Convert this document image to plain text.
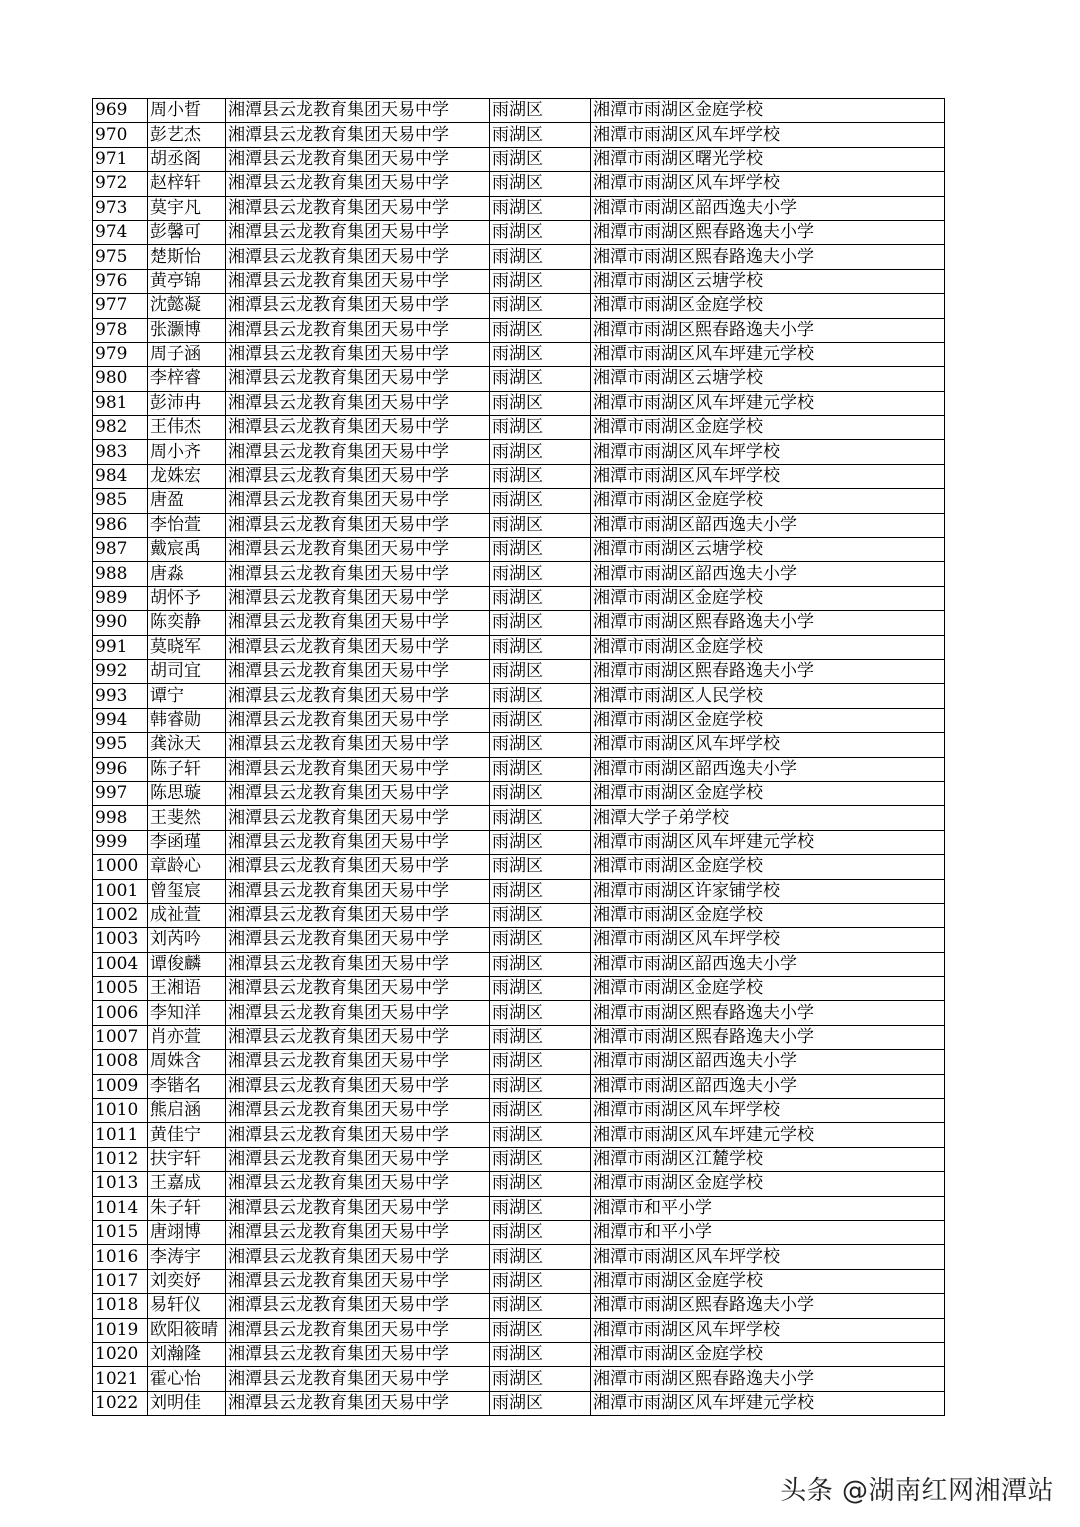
969	周小晢	湘潭县云龙教育集团天易中学	雨湖区	湘潭市雨湖区金庭学校
970	彭艺杰	湘潭县云龙教育集团天易中学	雨湖区	湘潭市雨湖区风车坪学校
971	胡丞阁	湘潭县云龙教育集团天易中学	雨湖区	湘潭市雨湖区曙光学校
972	赵梓轩	湘潭县云龙教育集团天易中学	雨湖区	湘潭市雨湖区风车坪学校
973	莫宇凡	湘潭县云龙教育集团天易中学	雨湖区	湘潭市雨湖区韶西逸夫小学
974	彭馨可	湘潭县云龙教育集团天易中学	雨湖区	湘潭市雨湖区熙春路逸夫小学
975	楚斯怡	湘潭县云龙教育集团天易中学	雨湖区	湘潭市雨湖区熙春路逸夫小学
976	黄亭锦	湘潭县云龙教育集团天易中学	雨湖区	湘潭市雨湖区云塘学校
977	沈懿凝	湘潭县云龙教育集团天易中学	雨湖区	湘潭市雨湖区金庭学校
978	张灏博	湘潭县云龙教育集团天易中学	雨湖区	湘潭市雨湖区熙春路逸夫小学
979	周子涵	湘潭县云龙教育集团天易中学	雨湖区	湘潭市雨湖区风车坪建元学校
980	李梓睿	湘潭县云龙教育集团天易中学	雨湖区	湘潭市雨湖区云塘学校
981	彭沛冉	湘潭县云龙教育集团天易中学	雨湖区	湘潭市雨湖区风车坪建元学校
982	王伟杰	湘潭县云龙教育集团天易中学	雨湖区	湘潭市雨湖区金庭学校
983	周小齐	湘潭县云龙教育集团天易中学	雨湖区	湘潭市雨湖区风车坪学校
984	龙姝宏	湘潭县云龙教育集团天易中学	雨湖区	湘潭市雨湖区风车坪学校
985	唐盈	湘潭县云龙教育集团天易中学	雨湖区	湘潭市雨湖区金庭学校
986	李怡萱	湘潭县云龙教育集团天易中学	雨湖区	湘潭市雨湖区韶西逸夫小学
987	戴宸禹	湘潭县云龙教育集团天易中学	雨湖区	湘潭市雨湖区云塘学校
988	唐淼	湘潭县云龙教育集团天易中学	雨湖区	湘潭市雨湖区韶西逸夫小学
989	胡怀予	湘潭县云龙教育集团天易中学	雨湖区	湘潭市雨湖区金庭学校
990	陈奕静	湘潭县云龙教育集团天易中学	雨湖区	湘潭市雨湖区熙春路逸夫小学
991	莫晓军	湘潭县云龙教育集团天易中学	雨湖区	湘潭市雨湖区金庭学校
992	胡司宜	湘潭县云龙教育集团天易中学	雨湖区	湘潭市雨湖区熙春路逸夫小学
993	谭宁	湘潭县云龙教育集团天易中学	雨湖区	湘潭市雨湖区人民学校
994	韩睿勋	湘潭县云龙教育集团天易中学	雨湖区	湘潭市雨湖区金庭学校
995	龚泳天	湘潭县云龙教育集团天易中学	雨湖区	湘潭市雨湖区风车坪学校
996	陈子轩	湘潭县云龙教育集团天易中学	雨湖区	湘潭市雨湖区韶西逸夫小学
997	陈思璇	湘潭县云龙教育集团天易中学	雨湖区	湘潭市雨湖区金庭学校
998	王斐然	湘潭县云龙教育集团天易中学	雨湖区	湘潭大学子弟学校
999	李函瑾	湘潭县云龙教育集团天易中学	雨湖区	湘潭市雨湖区风车坪建元学校
1000	章龄心	湘潭县云龙教育集团天易中学	雨湖区	湘潭市雨湖区金庭学校
1001	曾玺宸	湘潭县云龙教育集团天易中学	雨湖区	湘潭市雨湖区许家铺学校
1002	成祉萱	湘潭县云龙教育集团天易中学	雨湖区	湘潭市雨湖区金庭学校
1003	刘芮吟	湘潭县云龙教育集团天易中学	雨湖区	湘潭市雨湖区风车坪学校
1004	谭俊麟	湘潭县云龙教育集团天易中学	雨湖区	湘潭市雨湖区韶西逸夫小学
1005	王湘语	湘潭县云龙教育集团天易中学	雨湖区	湘潭市雨湖区金庭学校
1006	李知洋	湘潭县云龙教育集团天易中学	雨湖区	湘潭市雨湖区熙春路逸夫小学
1007	肖亦萱	湘潭县云龙教育集团天易中学	雨湖区	湘潭市雨湖区熙春路逸夫小学
1008	周姝含	湘潭县云龙教育集团天易中学	雨湖区	湘潭市雨湖区韶西逸夫小学
1009	李锴名	湘潭县云龙教育集团天易中学	雨湖区	湘潭市雨湖区韶西逸夫小学
1010	熊启涵	湘潭县云龙教育集团天易中学	雨湖区	湘潭市雨湖区风车坪学校
1011	黄佳宁	湘潭县云龙教育集团天易中学	雨湖区	湘潭市雨湖区风车坪建元学校
1012	扶宇轩	湘潭县云龙教育集团天易中学	雨湖区	湘潭市雨湖区江麓学校
1013	王嘉成	湘潭县云龙教育集团天易中学	雨湖区	湘潭市雨湖区金庭学校
1014	朱子轩	湘潭县云龙教育集团天易中学	雨湖区	湘潭市和平小学
1015	唐翊博	湘潭县云龙教育集团天易中学	雨湖区	湘潭市和平小学
1016	李涛宇	湘潭县云龙教育集团天易中学	雨湖区	湘潭市雨湖区风车坪学校
1017	刘奕妤	湘潭县云龙教育集团天易中学	雨湖区	湘潭市雨湖区金庭学校
1018	易轩仪	湘潭县云龙教育集团天易中学	雨湖区	湘潭市雨湖区熙春路逸夫小学
1019	欧阳筱晴	湘潭县云龙教育集团天易中学	雨湖区	湘潭市雨湖区风车坪学校
1020	刘瀚隆	湘潭县云龙教育集团天易中学	雨湖区	湘潭市雨湖区金庭学校
1021	霍心怡	湘潭县云龙教育集团天易中学	雨湖区	湘潭市雨湖区熙春路逸夫小学
1022	刘明佳	湘潭县云龙教育集团天易中学	雨湖区	湘潭市雨湖区风车坪建元学校
头条 @湖南红网湘潭站
